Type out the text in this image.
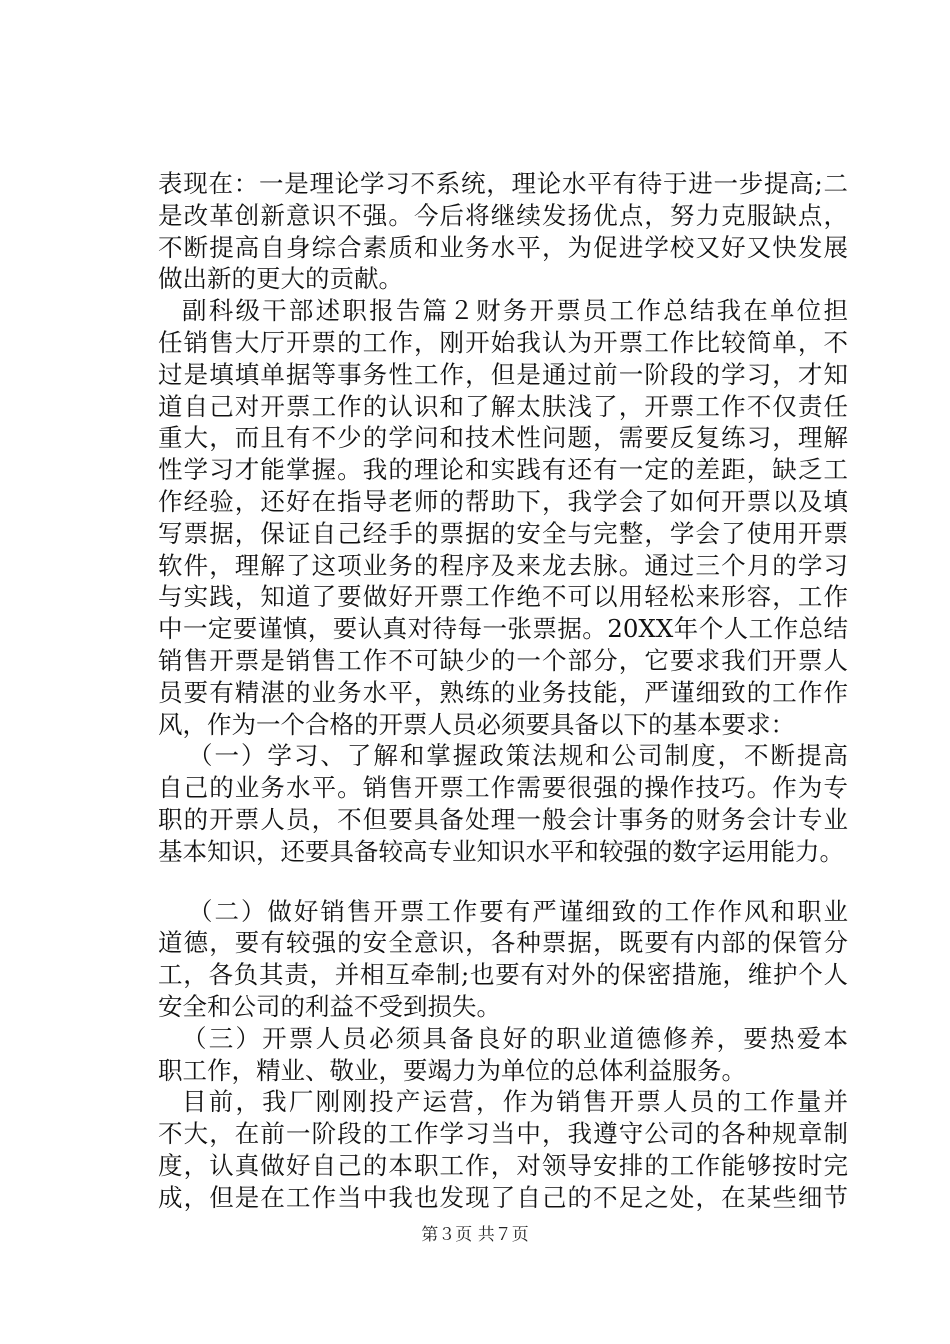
表现在：一是理论学习不系统，理论水平有待于进一步提高;二
是改革创新意识不强。今后将继续发扬优点，努力克服缺点，
不断提高自身综合素质和业务水平，为促进学校又好又快发展
做出新的更大的贡献。
副科级干部述职报告篇２财务开票员工作总结我在单位担
任销售大厅开票的工作，刚开始我认为开票工作比较简单，不
过是填填单据等事务性工作，但是通过前一阶段的学习，才知
道自己对开票工作的认识和了解太肤浅了，开票工作不仅责任
重大，而且有不少的学问和技术性问题，需要反复练习，理解
性学习才能掌握。我的理论和实践有还有一定的差距，缺乏工
作经验，还好在指导老师的帮助下，我学会了如何开票以及填
写票据，保证自己经手的票据的安全与完整，学会了使用开票
软件，理解了这项业务的程序及来龙去脉。通过三个月的学习
与实践，知道了要做好开票工作绝不可以用轻松来形容，工作
中一定要谨慎，要认真对待每一张票据。20XX年个人工作总结
销售开票是销售工作不可缺少的一个部分，它要求我们开票人
员要有精湛的业务水平，熟练的业务技能，严谨细致的工作作
风，作为一个合格的开票人员必须要具备以下的基本要求：
（一）学习、了解和掌握政策法规和公司制度，不断提高
自己的业务水平。销售开票工作需要很强的操作技巧。作为专
职的开票人员，不但要具备处理一般会计事务的财务会计专业
基本知识，还要具备较高专业知识水平和较强的数字运用能力。
（二）做好销售开票工作要有严谨细致的工作作风和职业
道德，要有较强的安全意识，各种票据，既要有内部的保管分
工，各负其责，并相互牵制;也要有对外的保密措施，维护个人
安全和公司的利益不受到损失。
（三）开票人员必须具备良好的职业道德修养，要热爱本
职工作，精业、敬业，要竭力为单位的总体利益服务。
目前，我厂刚刚投产运营，作为销售开票人员的工作量并
不大，在前一阶段的工作学习当中，我遵守公司的各种规章制
度，认真做好自己的本职工作，对领导安排的工作能够按时完
成，但是在工作当中我也发现了自己的不足之处，在某些细节
第３页 共７页
